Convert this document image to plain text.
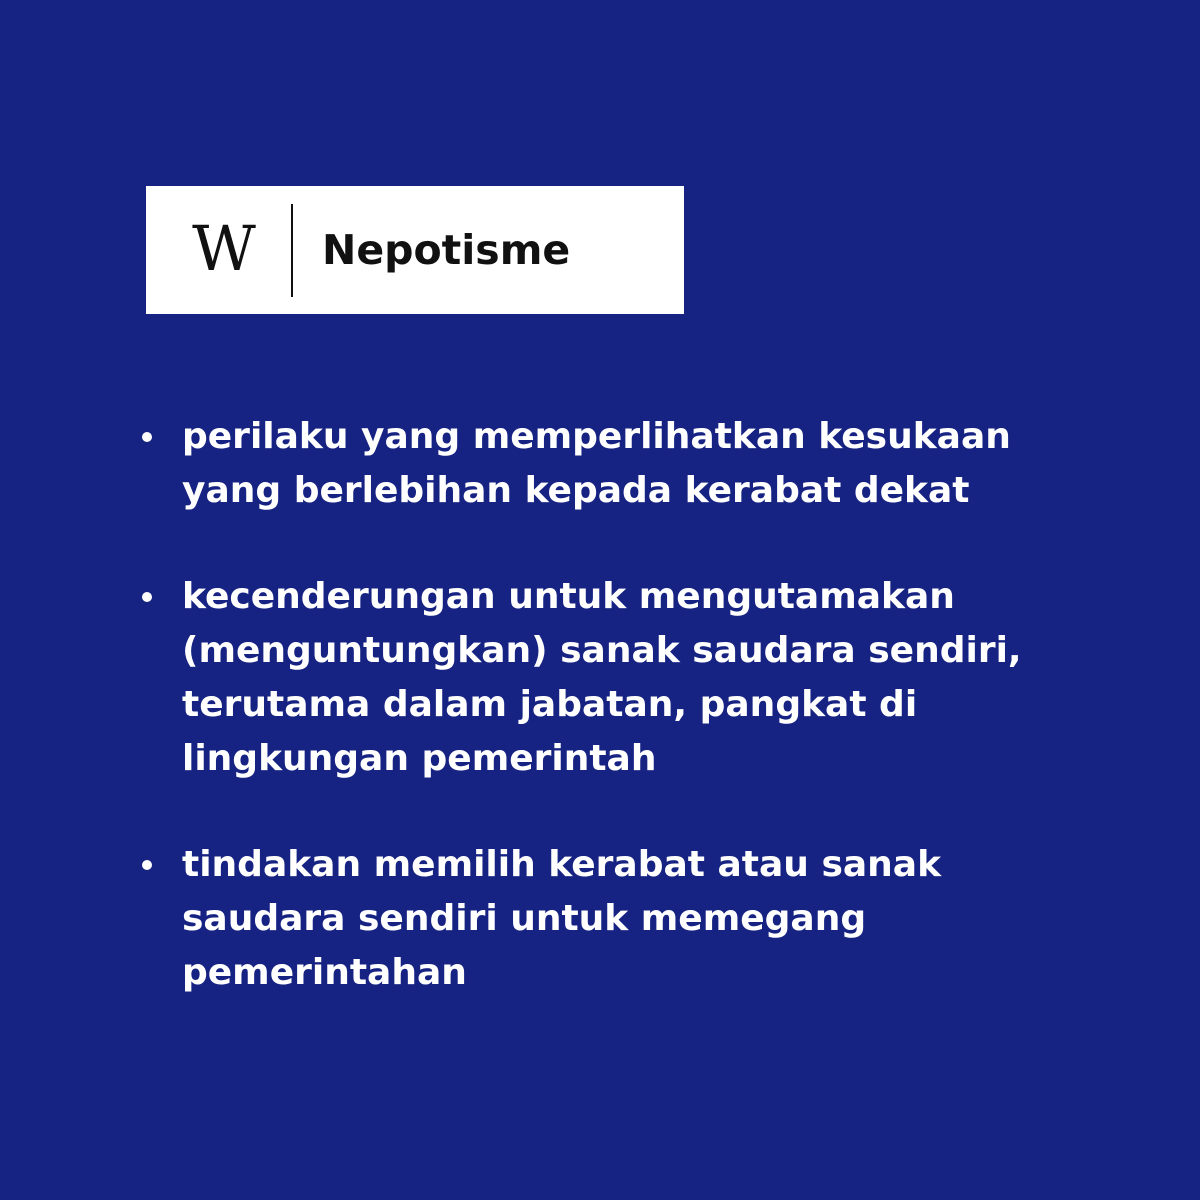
W	Nepotisme
perilaku yang memperlihatkan kesukaan yang berlebihan kepada kerabat dekat
kecenderungan untuk mengutamakan (menguntungkan) sanak saudara sendiri, terutama dalam jabatan, pangkat di lingkungan pemerintah
tindakan memilih kerabat atau sanak saudara sendiri untuk memegang pemerintahan
